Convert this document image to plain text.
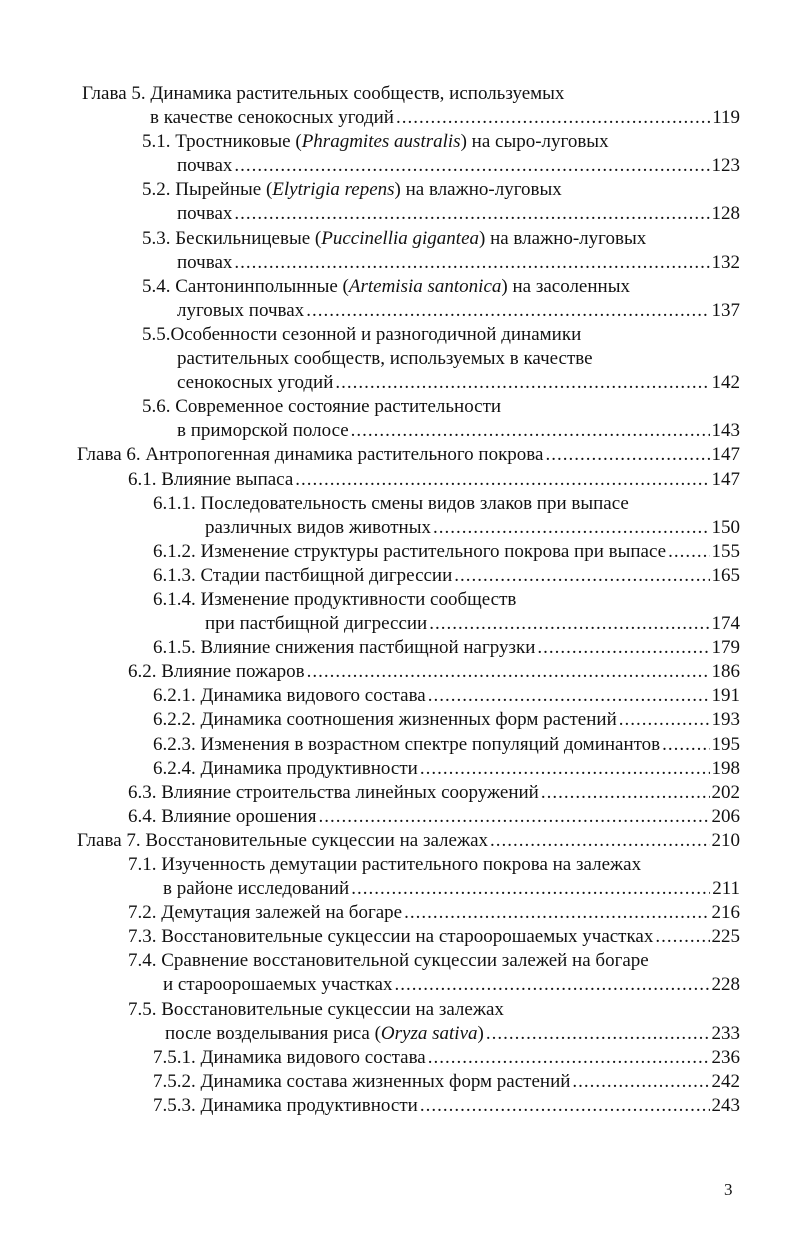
Глава 5. Динамика растительных сообществ, используемых
в качестве сенокосных угодий .....	119
5.1. Тростниковые (Phragmites australis) на сыро-луговых
почвах .....	123
5.2. Пырейные (Elytrigia repens) на влажно-луговых
почвах .....	128
5.3. Бескильницевые (Puccinellia gigantea) на влажно-луговых
почвах .....	132
5.4. Сантонинполынные (Artemisia santonica) на засоленных
луговых почвах .....	137
5.5.Особенности сезонной и разногодичной динамики
растительных сообществ, используемых в качестве
сенокосных угодий .....	142
5.6. Современное состояние растительности
в приморской полосе .....	143
Глава 6. Антропогенная динамика растительного покрова .....	147
6.1. Влияние выпаса .....	147
6.1.1. Последовательность смены видов злаков при выпасе
различных видов животных .....	150
6.1.2. Изменение структуры растительного покрова при выпасе ..... 155
6.1.3. Стадии пастбищной дигрессии .....	165
6.1.4. Изменение продуктивности сообществ
при пастбищной дигрессии .....	174
6.1.5. Влияние снижения пастбищной нагрузки .....	179
6.2. Влияние пожаров .....	186
6.2.1. Динамика видового состава .....	191
6.2.2. Динамика соотношения жизненных форм растений .....	193
6.2.3. Изменения в возрастном спектре популяций доминантов .....	195
6.2.4. Динамика продуктивности .....	198
6.3. Влияние строительства линейных сооружений .....	202
6.4. Влияние орошения .....	206
Глава 7. Восстановительные сукцессии на залежах .....	210
7.1. Изученность демутации растительного покрова на залежах
в районе исследований .....	211
7.2. Демутация залежей на богаре .....	216
7.3. Восстановительные сукцессии на староорошаемых участках .....	225
7.4. Сравнение восстановительной сукцессии залежей на богаре
и староорошаемых участках .....	228
7.5. Восстановительные сукцессии на залежах
после возделывания риса (Oryza sativa) .....	233
7.5.1. Динамика видового состава .....	236
7.5.2. Динамика состава жизненных форм растений .....	242
7.5.3. Динамика продуктивности .....	243
3
